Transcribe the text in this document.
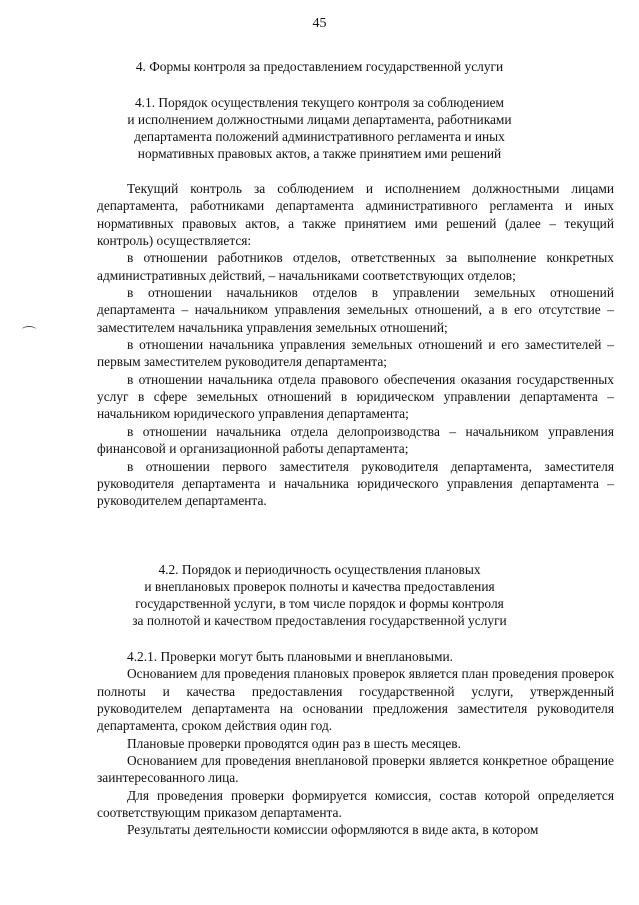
45
4. Формы контроля за предоставлением государственной услуги
4.1. Порядок осуществления текущего контроля за соблюдением
и исполнением должностными лицами департамента, работниками
департамента положений административного регламента и иных
нормативных правовых актов, а также принятием ими решений

Текущий контроль за соблюдением и исполнением должностными лицами департамента, работниками департамента административного регламента и иных нормативных правовых актов, а также принятием ими решений (далее – текущий контроль) осуществляется:

в отношении работников отделов, ответственных за выполнение конкретных административных действий, – начальниками соответствующих отделов;

в отношении начальников отделов в управлении земельных отношений департамента – начальником управления земельных отношений, а в его отсутствие – заместителем начальника управления земельных отношений;

в отношении начальника управления земельных отношений и его заместителей – первым заместителем руководителя департамента;

в отношении начальника отдела правового обеспечения оказания государственных услуг в сфере земельных отношений в юридическом управлении департамента – начальником юридического управления департамента;

в отношении начальника отдела делопроизводства – начальником управления финансовой и организационной работы департамента;

в отношении первого заместителя руководителя департамента, заместителя руководителя департамента и начальника юридического управления департамента – руководителем департамента.

4.2. Порядок и периодичность осуществления плановых
и внеплановых проверок полноты и качества предоставления
государственной услуги, в том числе порядок и формы контроля
за полнотой и качеством предоставления государственной услуги

4.2.1. Проверки могут быть плановыми и внеплановыми.

Основанием для проведения плановых проверок является план проведения проверок полноты и качества предоставления государственной услуги, утвержденный руководителем департамента на основании предложения заместителя руководителя департамента, сроком действия один год.

Плановые проверки проводятся один раз в шесть месяцев.

Основанием для проведения внеплановой проверки является конкретное обращение заинтересованного лица.

Для проведения проверки формируется комиссия, состав которой определяется соответствующим приказом департамента.

Результаты деятельности комиссии оформляются в виде акта, в котором
